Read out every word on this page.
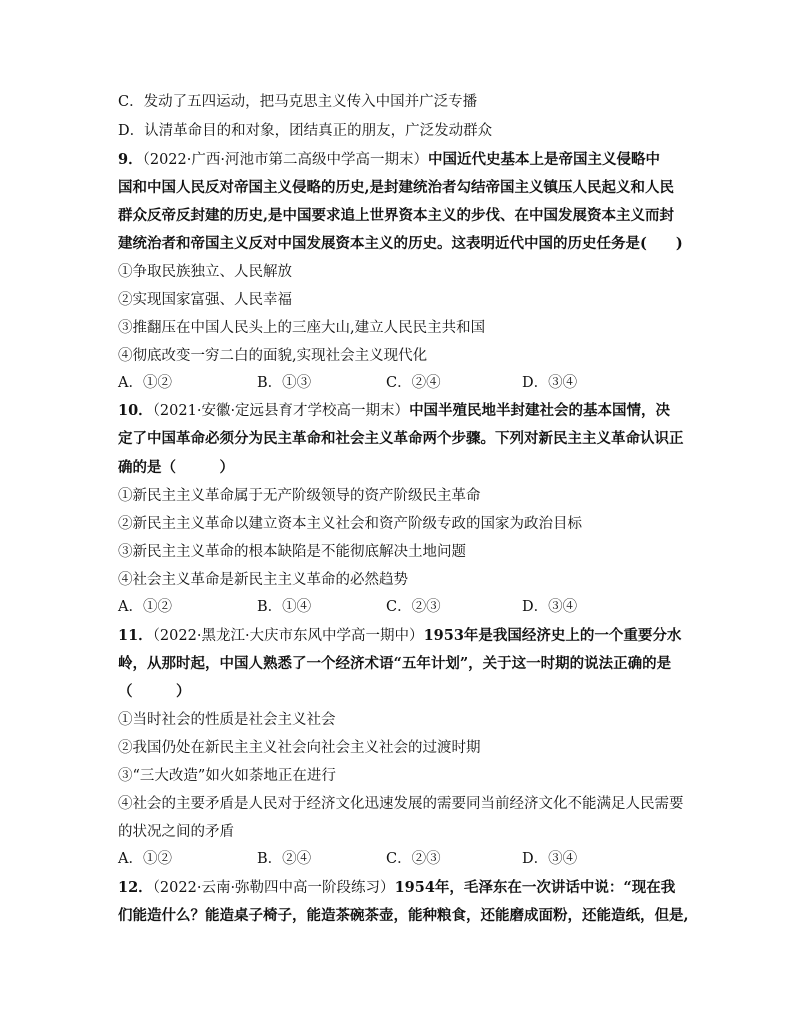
C．发动了五四运动，把马克思主义传入中国并广泛专播
D．认清革命目的和对象，团结真正的朋友，广泛发动群众
9．（2022·广西·河池市第二高级中学高一期末）中国近代史基本上是帝国主义侵略中
国和中国人民反对帝国主义侵略的历史,是封建统治者勾结帝国主义镇压人民起义和人民
群众反帝反封建的历史,是中国要求追上世界资本主义的步伐、在中国发展资本主义而封
建统治者和帝国主义反对中国发展资本主义的历史。这表明近代中国的历史任务是(　　)
①争取民族独立、人民解放
②实现国家富强、人民幸福
③推翻压在中国人民头上的三座大山,建立人民民主共和国
④彻底改变一穷二白的面貌,实现社会主义现代化
A．①②	B．①③	C．②④	D．③④
10．（2021·安徽·定远县育才学校高一期末）中国半殖民地半封建社会的基本国情，决
定了中国革命必须分为民主革命和社会主义革命两个步骤。下列对新民主主义革命认识正
确的是（　　　）
①新民主主义革命属于无产阶级领导的资产阶级民主革命
②新民主主义革命以建立资本主义社会和资产阶级专政的国家为政治目标
③新民主主义革命的根本缺陷是不能彻底解决土地问题
④社会主义革命是新民主主义革命的必然趋势
A．①②	B．①④	C．②③	D．③④
11．（2022·黑龙江·大庆市东风中学高一期中）1953年是我国经济史上的一个重要分水
岭，从那时起，中国人熟悉了一个经济术语“五年计划”，关于这一时期的说法正确的是
（　　　）
①当时社会的性质是社会主义社会
②我国仍处在新民主主义社会向社会主义社会的过渡时期
③“三大改造”如火如荼地正在进行
④社会的主要矛盾是人民对于经济文化迅速发展的需要同当前经济文化不能满足人民需要
的状况之间的矛盾
A．①②	B．②④	C．②③	D．③④
12．（2022·云南·弥勒四中高一阶段练习）1954年，毛泽东在一次讲话中说：“现在我
们能造什么？能造桌子椅子，能造茶碗茶壶，能种粮食，还能磨成面粉，还能造纸，但是,
